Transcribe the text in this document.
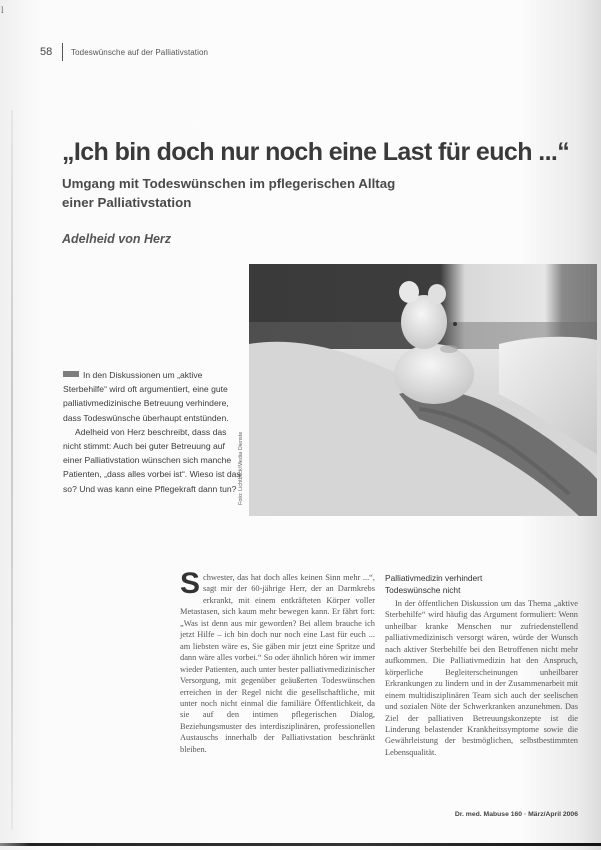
l
58	Todeswünsche auf der Palliativstation
„Ich bin doch nur noch eine Last für euch ...“
Umgang mit Todeswünschen im pflegerischen Alltag
einer Palliativstation
Adelheid von Herz
Foto: Lichtblick/Media Dienste

In den Diskussionen um „aktive Sterbehilfe“ wird oft argumentiert, eine gute palliativmedizinische Betreuung verhindere, dass Todeswünsche überhaupt entstünden.

Adelheid von Herz beschreibt, dass das nicht stimmt: Auch bei guter Betreuung auf einer Palliativstation wünschen sich manche Patienten, „dass alles vorbei ist“. Wieso ist das so? Und was kann eine Pflegekraft dann tun?

S chwester, das hat doch alles keinen Sinn mehr ...“, sagt mir der 60-jährige Herr, der an Darmkrebs erkrankt, mit einem entkräfteten Körper voller Metastasen, sich kaum mehr bewegen kann. Er fährt fort: „Was ist denn aus mir geworden? Bei allem brauche ich jetzt Hilfe – ich bin doch nur noch eine Last für euch ... am liebsten wäre es, Sie gäben mir jetzt eine Spritze und dann wäre alles vorbei.“ So oder ähnlich hören wir immer wieder Patienten, auch unter bester palliativmedizinischer Versorgung, mit gegenüber geäußerten Todeswünschen erreichen in der Regel nicht die gesellschaftliche, mit unter noch nicht einmal die familiäre Öffentlichkeit, da sie auf den intimen pflegerischen Dialog, Beziehungsmuster des interdisziplinären, professionellen Austauschs innerhalb der Palliativstation beschränkt bleiben.

Palliativmedizin verhindert
Todeswünsche nicht

In der öffentlichen Diskussion um das Thema „aktive Sterbehilfe“ wird häufig das Argument formuliert: Wenn unheilbar kranke Menschen nur zufriedenstellend palliativmedizinisch versorgt wären, würde der Wunsch nach aktiver Sterbehilfe bei den Betroffenen nicht mehr aufkommen. Die Palliativmedizin hat den Anspruch, körperliche Begleiterscheinungen unheilbarer Erkrankungen zu lindern und in der Zusammenarbeit mit einem multidisziplinären Team sich auch der seelischen und sozialen Nöte der Schwerkranken anzunehmen. Das Ziel der palliativen Betreuungskonzepte ist die Linderung belastender Krankheitssymptome sowie die Gewährleistung der bestmöglichen, selbstbestimmten Lebensqualität.

Dr. med. Mabuse 160 · März/April 2006
